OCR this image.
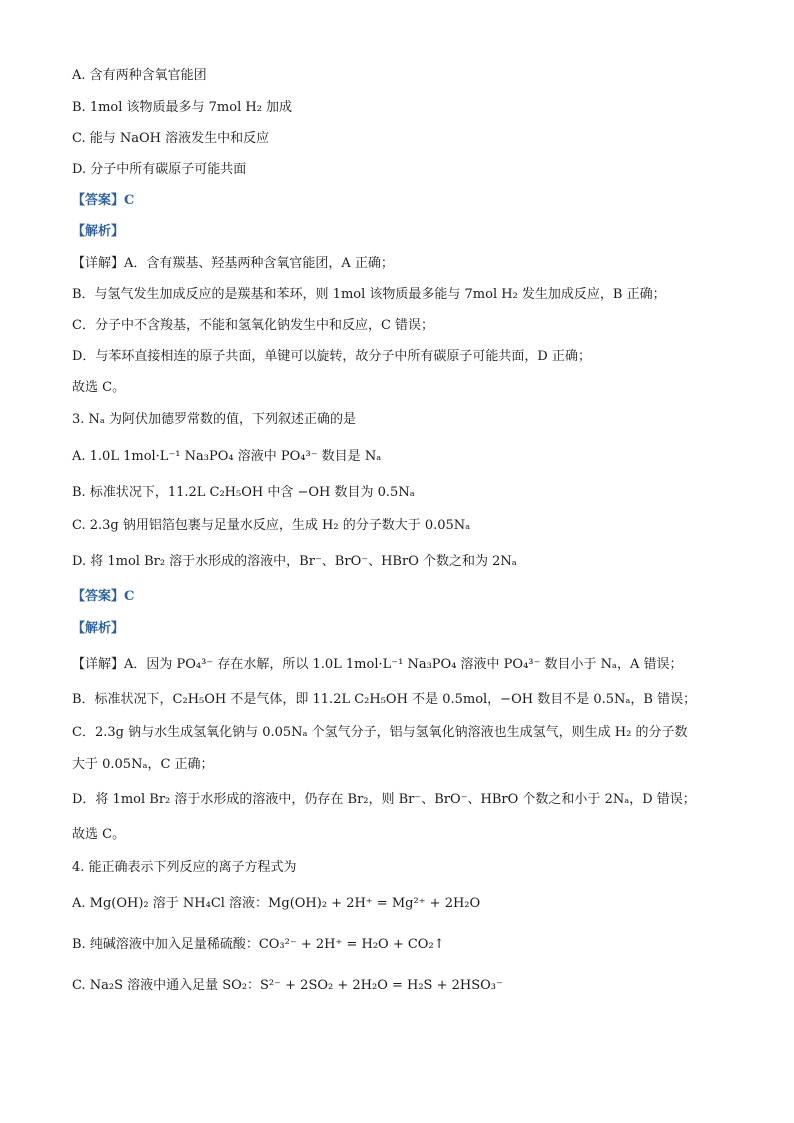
A. 含有两种含氧官能团
B. 1mol 该物质最多与 7mol H₂ 加成
C. 能与 NaOH 溶液发生中和反应
D. 分子中所有碳原子可能共面
【答案】C
【解析】
【详解】A．含有羰基、羟基两种含氧官能团，A 正确；
B．与氢气发生加成反应的是羰基和苯环，则 1mol 该物质最多能与 7mol H₂ 发生加成反应，B 正确；
C．分子中不含羧基，不能和氢氧化钠发生中和反应，C 错误；
D．与苯环直接相连的原子共面，单键可以旋转，故分子中所有碳原子可能共面，D 正确；
故选 C。
3. Nₐ 为阿伏加德罗常数的值，下列叙述正确的是
A. 1.0L 1mol·L⁻¹ Na₃PO₄ 溶液中 PO₄³⁻ 数目是 Nₐ
B. 标准状况下，11.2L C₂H₅OH 中含 −OH 数目为 0.5Nₐ
C. 2.3g 钠用铝箔包裹与足量水反应，生成 H₂ 的分子数大于 0.05Nₐ
D. 将 1mol Br₂ 溶于水形成的溶液中，Br⁻、BrO⁻、HBrO 个数之和为 2Nₐ
【答案】C
【解析】
【详解】A．因为 PO₄³⁻ 存在水解，所以 1.0L 1mol·L⁻¹ Na₃PO₄ 溶液中 PO₄³⁻ 数目小于 Nₐ，A 错误；
B．标准状况下，C₂H₅OH 不是气体，即 11.2L C₂H₅OH 不是 0.5mol，−OH 数目不是 0.5Nₐ，B 错误；
C．2.3g 钠与水生成氢氧化钠与 0.05Nₐ 个氢气分子，铝与氢氧化钠溶液也生成氢气，则生成 H₂ 的分子数
大于 0.05Nₐ，C 正确；
D．将 1mol Br₂ 溶于水形成的溶液中，仍存在 Br₂，则 Br⁻、BrO⁻、HBrO 个数之和小于 2Nₐ，D 错误；
故选 C。
4. 能正确表示下列反应的离子方程式为
A. Mg(OH)₂ 溶于 NH₄Cl 溶液：Mg(OH)₂ + 2H⁺ = Mg²⁺ + 2H₂O
B. 纯碱溶液中加入足量稀硫酸：CO₃²⁻ + 2H⁺ = H₂O + CO₂↑
C. Na₂S 溶液中通入足量 SO₂：S²⁻ + 2SO₂ + 2H₂O = H₂S + 2HSO₃⁻
